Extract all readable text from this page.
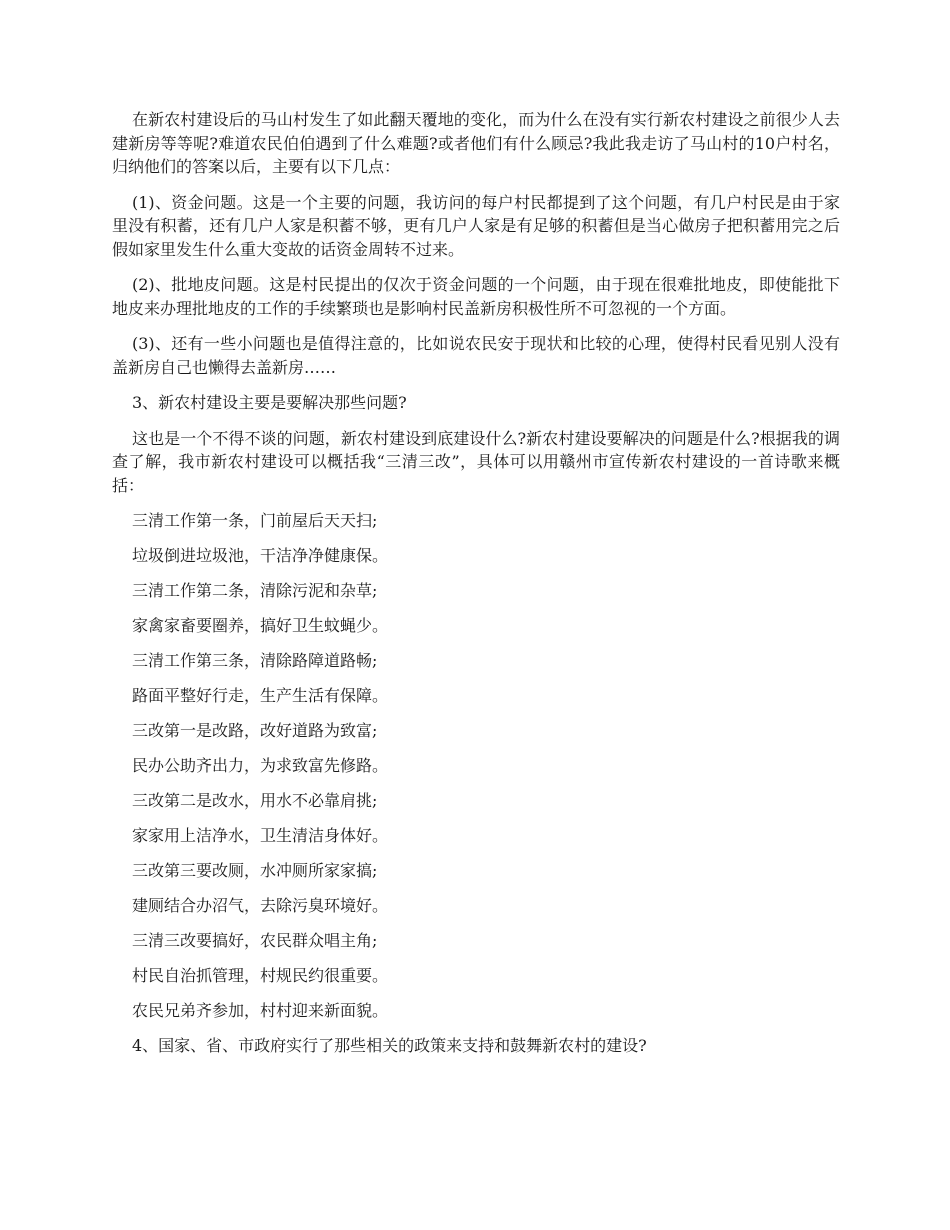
在新农村建设后的马山村发生了如此翻天覆地的变化，而为什么在没有实行新农村建设之前很少人去建新房等等呢?难道农民伯伯遇到了什么难题?或者他们有什么顾忌?我此我走访了马山村的10户村名，归纳他们的答案以后，主要有以下几点：

(1)、资金问题。这是一个主要的问题，我访问的每户村民都提到了这个问题，有几户村民是由于家里没有积蓄，还有几户人家是积蓄不够，更有几户人家是有足够的积蓄但是当心做房子把积蓄用完之后假如家里发生什么重大变故的话资金周转不过来。

(2)、批地皮问题。这是村民提出的仅次于资金问题的一个问题，由于现在很难批地皮，即使能批下地皮来办理批地皮的工作的手续繁琐也是影响村民盖新房积极性所不可忽视的一个方面。

(3)、还有一些小问题也是值得注意的，比如说农民安于现状和比较的心理，使得村民看见别人没有盖新房自己也懒得去盖新房……

3、新农村建设主要是要解决那些问题?

这也是一个不得不谈的问题，新农村建设到底建设什么?新农村建设要解决的问题是什么?根据我的调查了解，我市新农村建设可以概括我“三清三改”，具体可以用赣州市宣传新农村建设的一首诗歌来概括：

三清工作第一条，门前屋后天天扫;

垃圾倒进垃圾池，干洁净净健康保。

三清工作第二条，清除污泥和杂草;

家禽家畜要圈养，搞好卫生蚊蝇少。

三清工作第三条，清除路障道路畅;

路面平整好行走，生产生活有保障。

三改第一是改路，改好道路为致富;

民办公助齐出力，为求致富先修路。

三改第二是改水，用水不必靠肩挑;

家家用上洁净水，卫生清洁身体好。

三改第三要改厕，水冲厕所家家搞;

建厕结合办沼气，去除污臭环境好。

三清三改要搞好，农民群众唱主角;

村民自治抓管理，村规民约很重要。

农民兄弟齐参加，村村迎来新面貌。

4、国家、省、市政府实行了那些相关的政策来支持和鼓舞新农村的建设?
